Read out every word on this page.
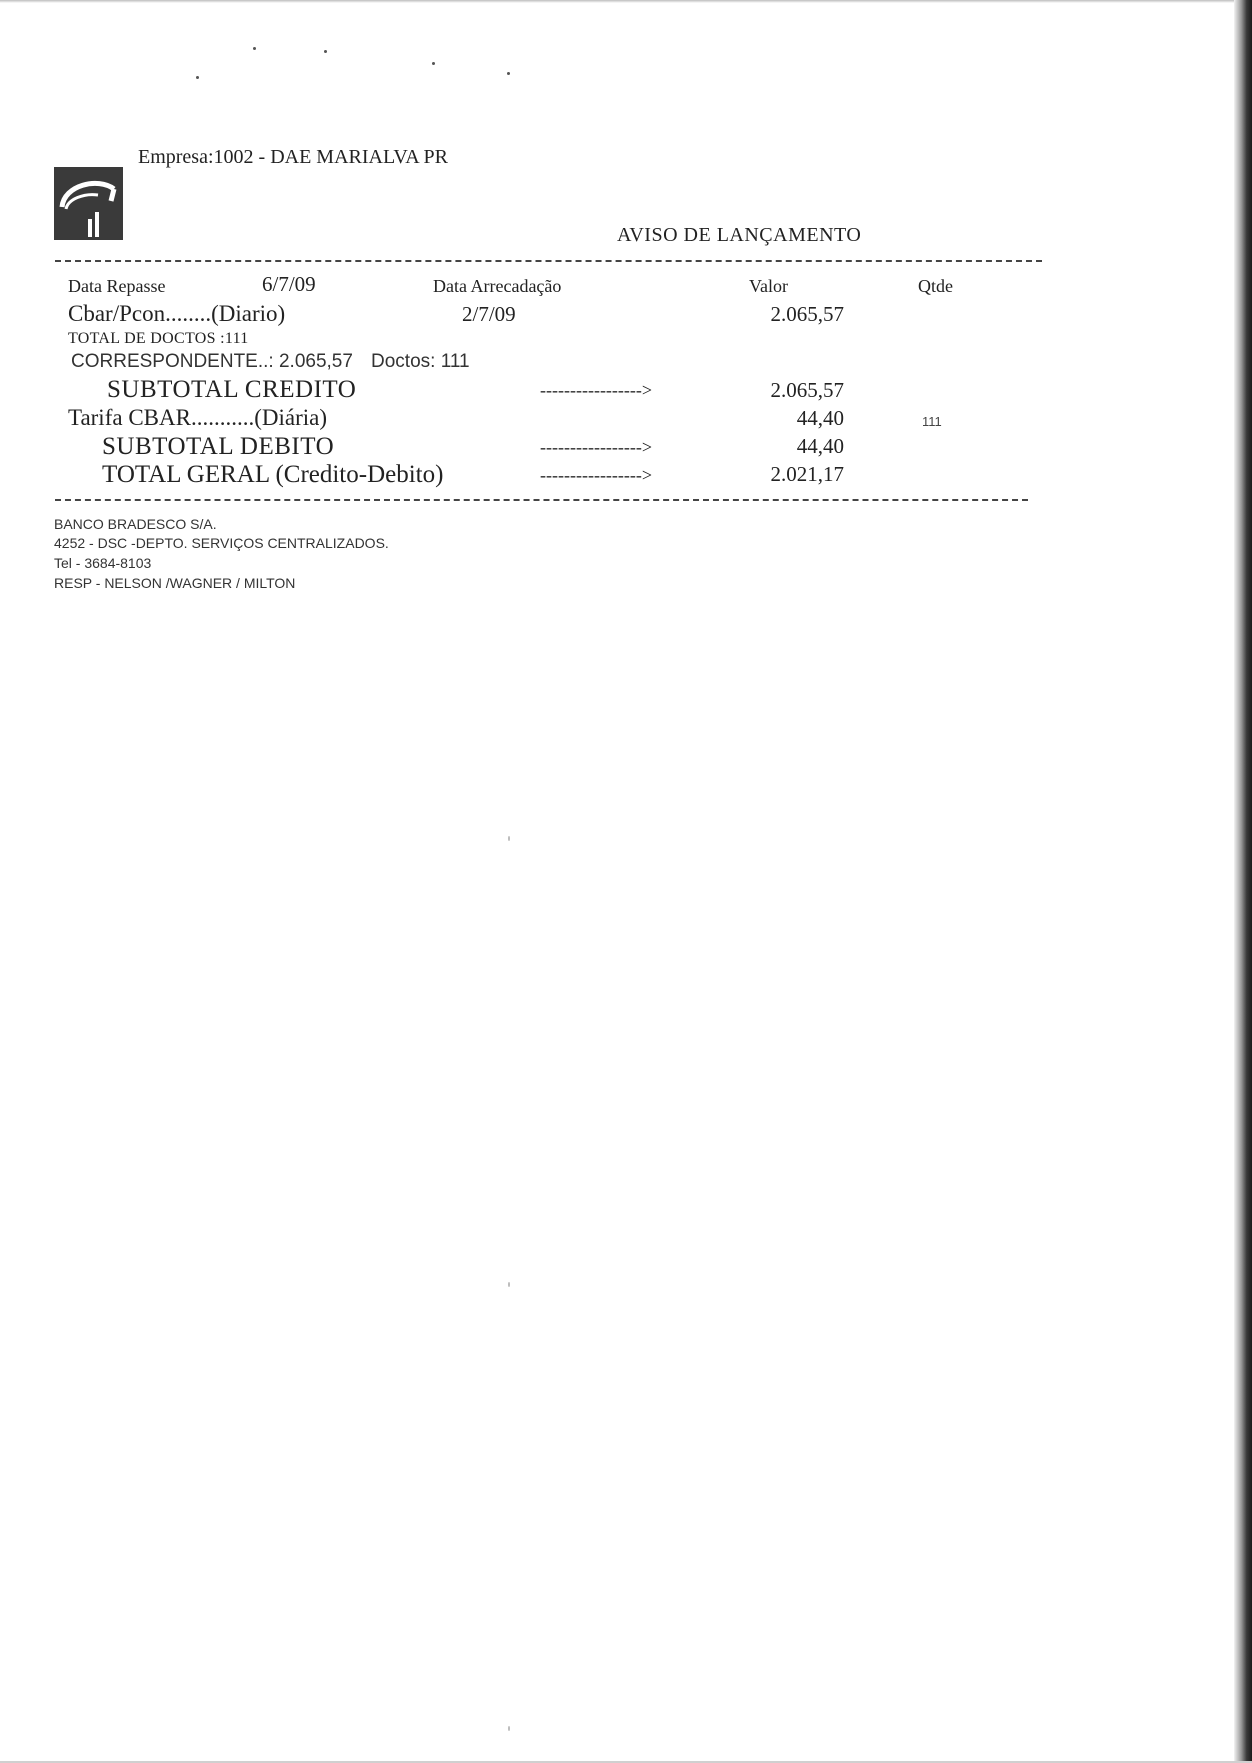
Empresa:1002 - DAE MARIALVA PR
AVISO DE LANÇAMENTO
Data Repasse	6/7/09	Data Arrecadação	Valor	Qtde
Cbar/Pcon........(Diario)	2/7/09	2.065,57
TOTAL DE DOCTOS :111
CORRESPONDENTE..: 2.065,57 Doctos: 111
SUBTOTAL CREDITO	----------------->	2.065,57
Tarifa CBAR...........(Diária)	44,40	111
SUBTOTAL DEBITO	----------------->	44,40
TOTAL GERAL (Credito-Debito)	----------------->	2.021,17
BANCO BRADESCO S/A.
4252 - DSC -DEPTO. SERVIÇOS CENTRALIZADOS.
Tel - 3684-8103
RESP - NELSON /WAGNER / MILTON
